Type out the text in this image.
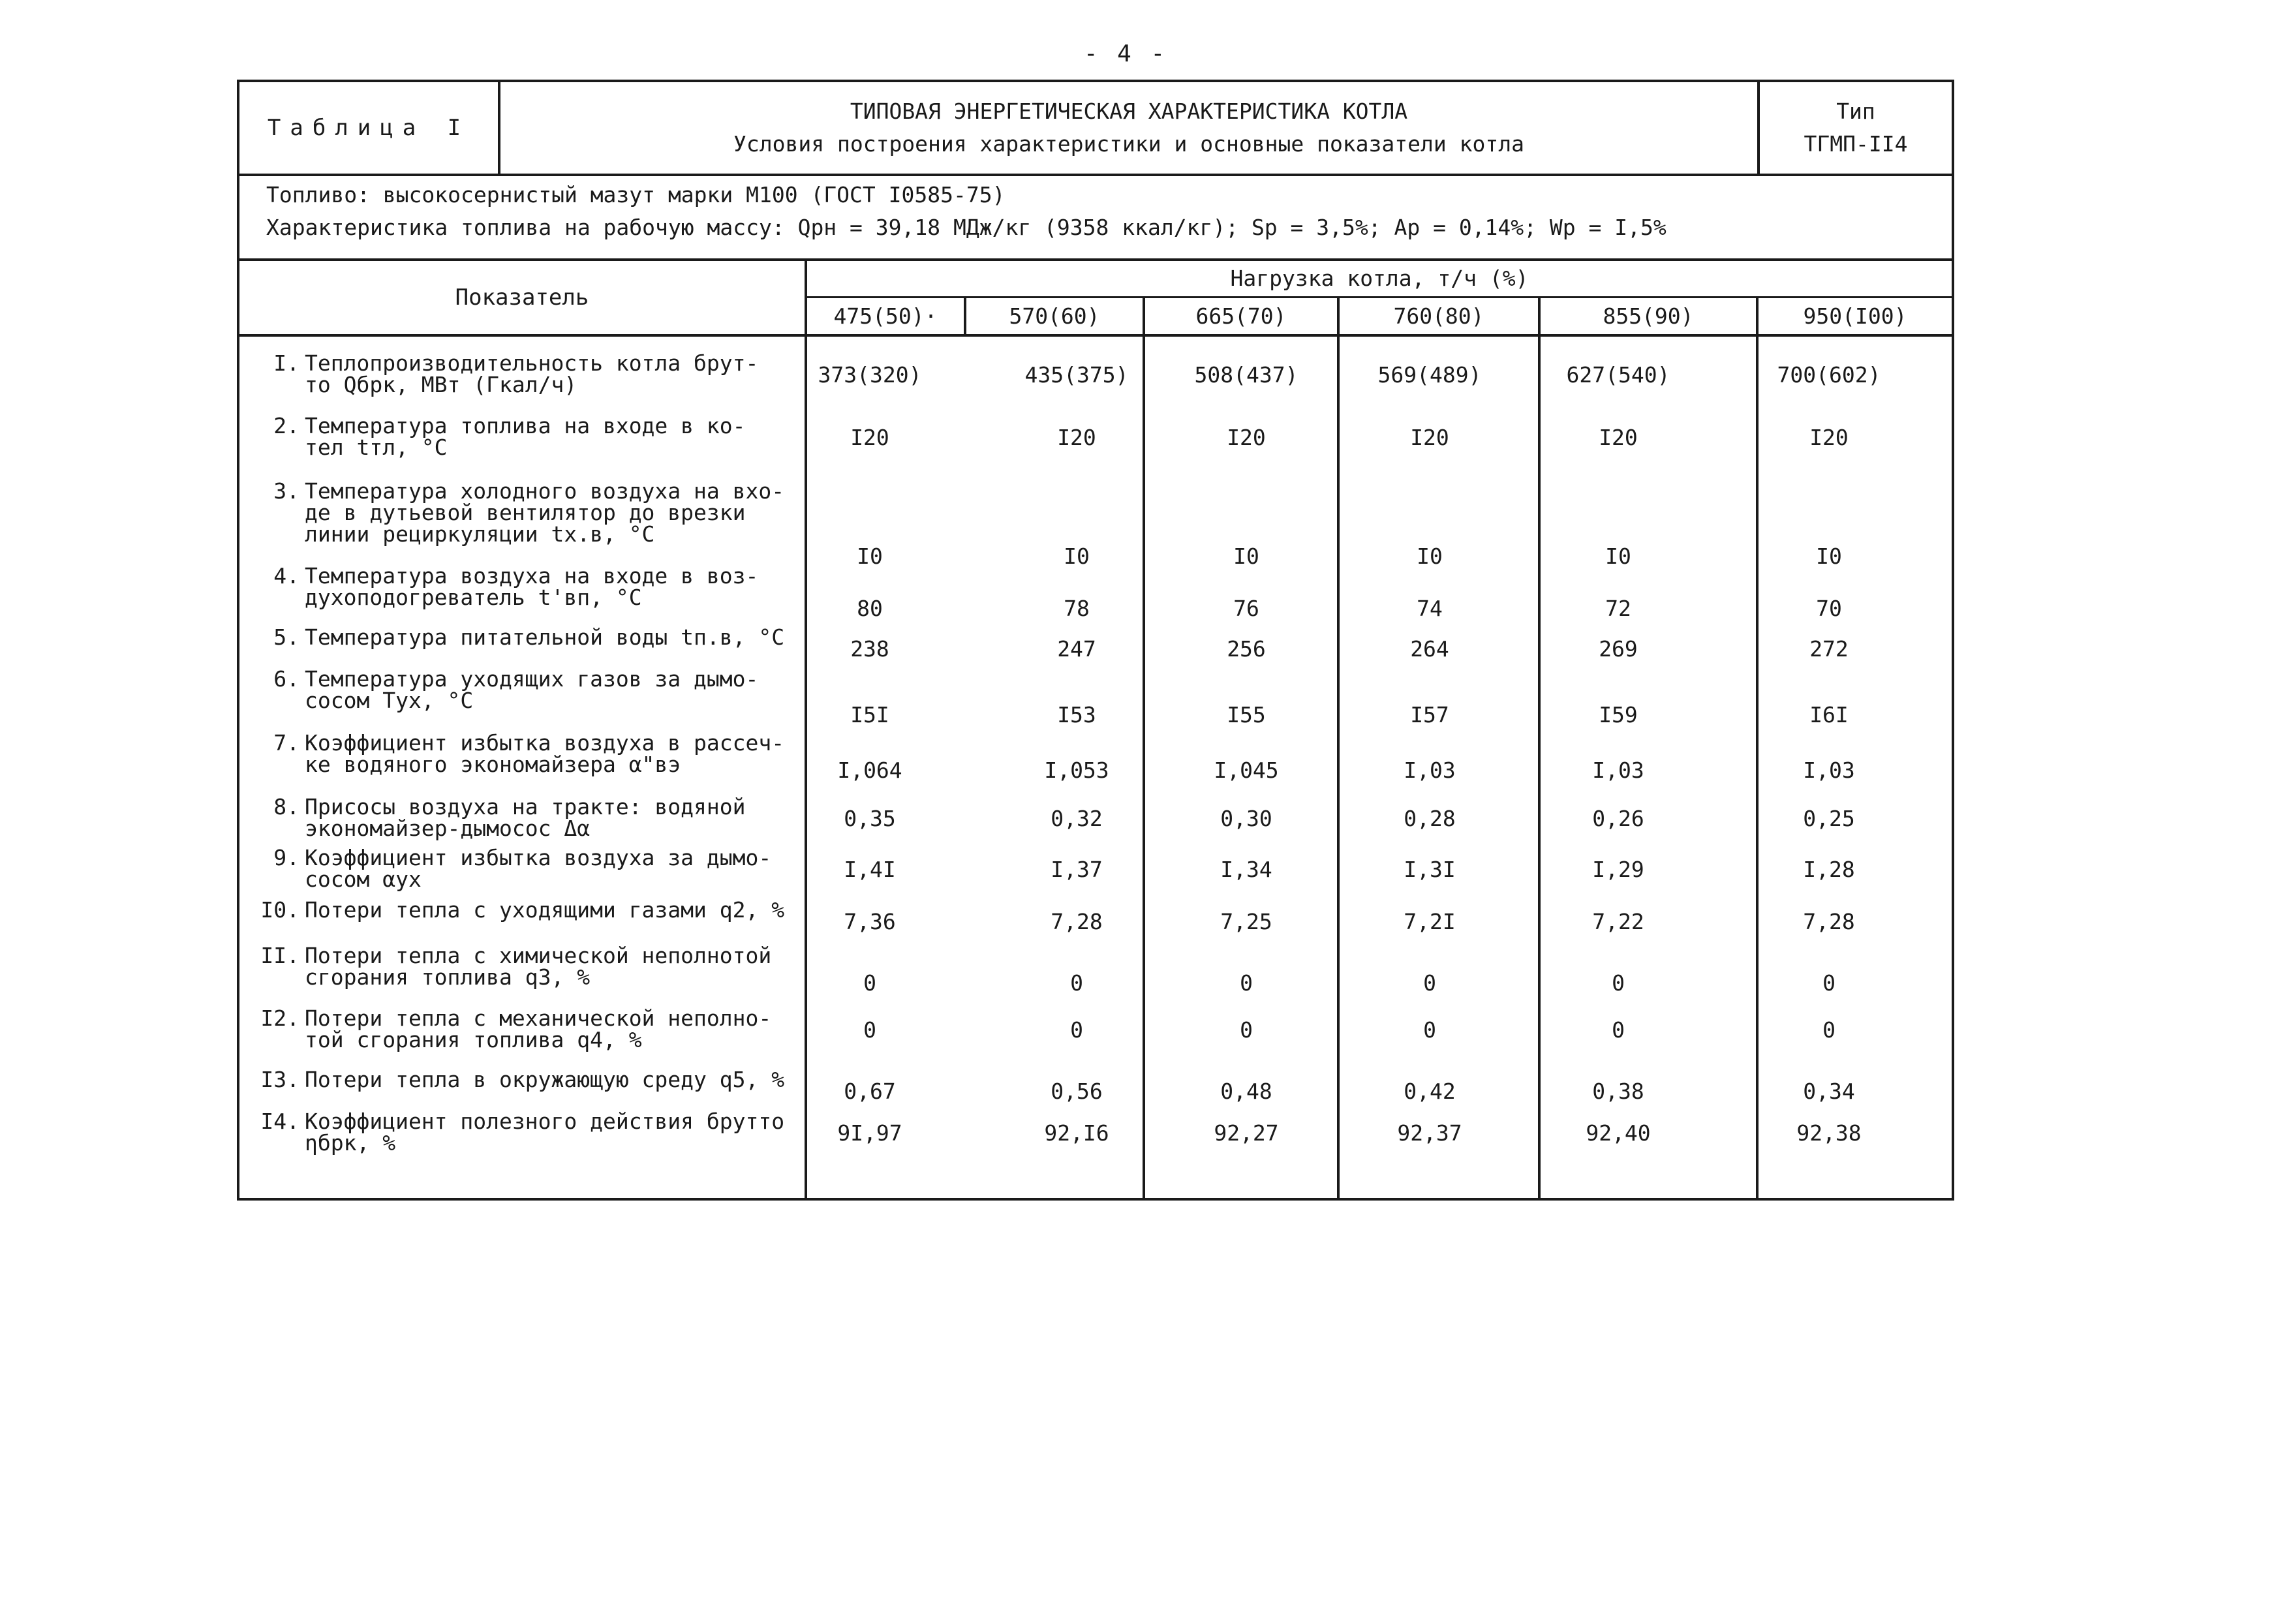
- 4 -
Таблица I
ТИПОВАЯ ЭНЕРГЕТИЧЕСКАЯ ХАРАКТЕРИСТИКА КОТЛА
Условия построения характеристики и основные показатели котла
Тип
ТГМП-II4
Топливо: высокосернистый мазут марки М100 (ГОСТ I0585-75)
Характеристика топлива на рабочую массу: Qрн = 39,18 МДж/кг (9358 ккал/кг); Sр = 3,5%; Aр = 0,14%; Wр = I,5%
Показатель
Нагрузка котла, т/ч (%)
475(50)·	570(60)	665(70)	760(80)	855(90)	950(I00)
I. Теплопроизводительность котла брут-
то Qбрк, МВт (Гкал/ч)	373(320)	435(375)	508(437)	569(489)	627(540)	700(602)
2. Температура топлива на входе в ко-
тел tтл, °C	I20	I20	I20	I20	I20	I20
3. Температура холодного воздуха на вхо-
де в дутьевой вентилятор до врезки
линии рециркуляции tх.в, °C
I0	I0	I0	I0	I0	I0
4. Температура воздуха на входе в воз-
духоподогреватель t'вп, °C	80	78	76	74	72	70
5. Температура питательной воды tп.в, °C	238	247	256	264	269	272
6. Температура уходящих газов за дымо-
сосом Tух, °C
I5I	I53	I55	I57	I59	I6I
7. Коэффициент избытка воздуха в рассеч-
ке водяного экономайзера α"вэ	I,064	I,053	I,045	I,03	I,03	I,03
8. Присосы воздуха на тракте: водяной
экономайзер-дымосос Δα	0,35	0,32	0,30	0,28	0,26	0,25
9. Коэффициент избытка воздуха за дымо-
сосом αух	I,4I	I,37	I,34	I,3I	I,29	I,28
I0. Потери тепла с уходящими газами q2, %	7,36	7,28	7,25	7,2I	7,22	7,28
II. Потери тепла с химической неполнотой
сгорания топлива q3, %	0	0	0	0	0	0
I2. Потери тепла с механической неполно-
той сгорания топлива q4, %	0	0	0	0	0	0
I3. Потери тепла в окружающую среду q5, %	0,67	0,56	0,48	0,42	0,38	0,34
I4. Коэффициент полезного действия брутто
ηбрк, %	9I,97	92,I6	92,27	92,37	92,40	92,38
